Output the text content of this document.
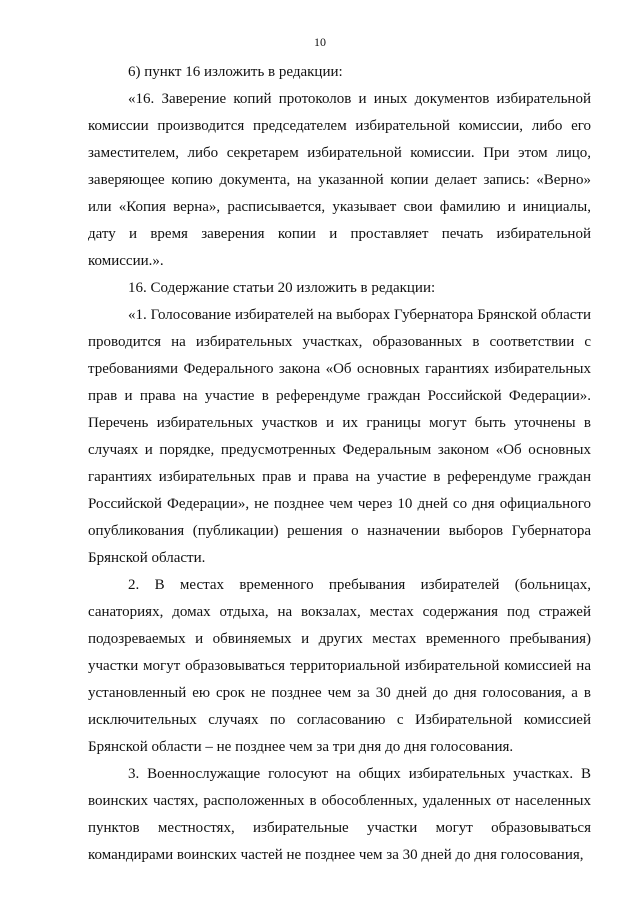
10

6) пункт 16 изложить в редакции:

«16. Заверение копий протоколов и иных документов избирательной комиссии производится председателем избирательной комиссии, либо его заместителем, либо секретарем избирательной комиссии. При этом лицо, заверяющее копию документа, на указанной копии делает запись: «Верно» или «Копия верна», расписывается, указывает свои фамилию и инициалы, дату и время заверения копии и проставляет печать избирательной комиссии.».

16. Содержание статьи 20 изложить в редакции:

«1. Голосование избирателей на выборах Губернатора Брянской области проводится на избирательных участках, образованных в соответствии с требованиями Федерального закона «Об основных гарантиях избирательных прав и права на участие в референдуме граждан Российской Федерации». Перечень избирательных участков и их границы могут быть уточнены в случаях и порядке, предусмотренных Федеральным законом «Об основных гарантиях избирательных прав и права на участие в референдуме граждан Российской Федерации», не позднее чем через 10 дней со дня официального опубликования (публикации) решения о назначении выборов Губернатора Брянской области.

2. В местах временного пребывания избирателей (больницах, санаториях, домах отдыха, на вокзалах, местах содержания под стражей подозреваемых и обвиняемых и других местах временного пребывания) участки могут образовываться территориальной избирательной комиссией на установленный ею срок не позднее чем за 30 дней до дня голосования, а в исключительных случаях по согласованию с Избирательной комиссией Брянской области – не позднее чем за три дня до дня голосования.

3. Военнослужащие голосуют на общих избирательных участках. В воинских частях, расположенных в обособленных, удаленных от населенных пунктов местностях, избирательные участки могут образовываться командирами воинских частей не позднее чем за 30 дней до дня голосования,
